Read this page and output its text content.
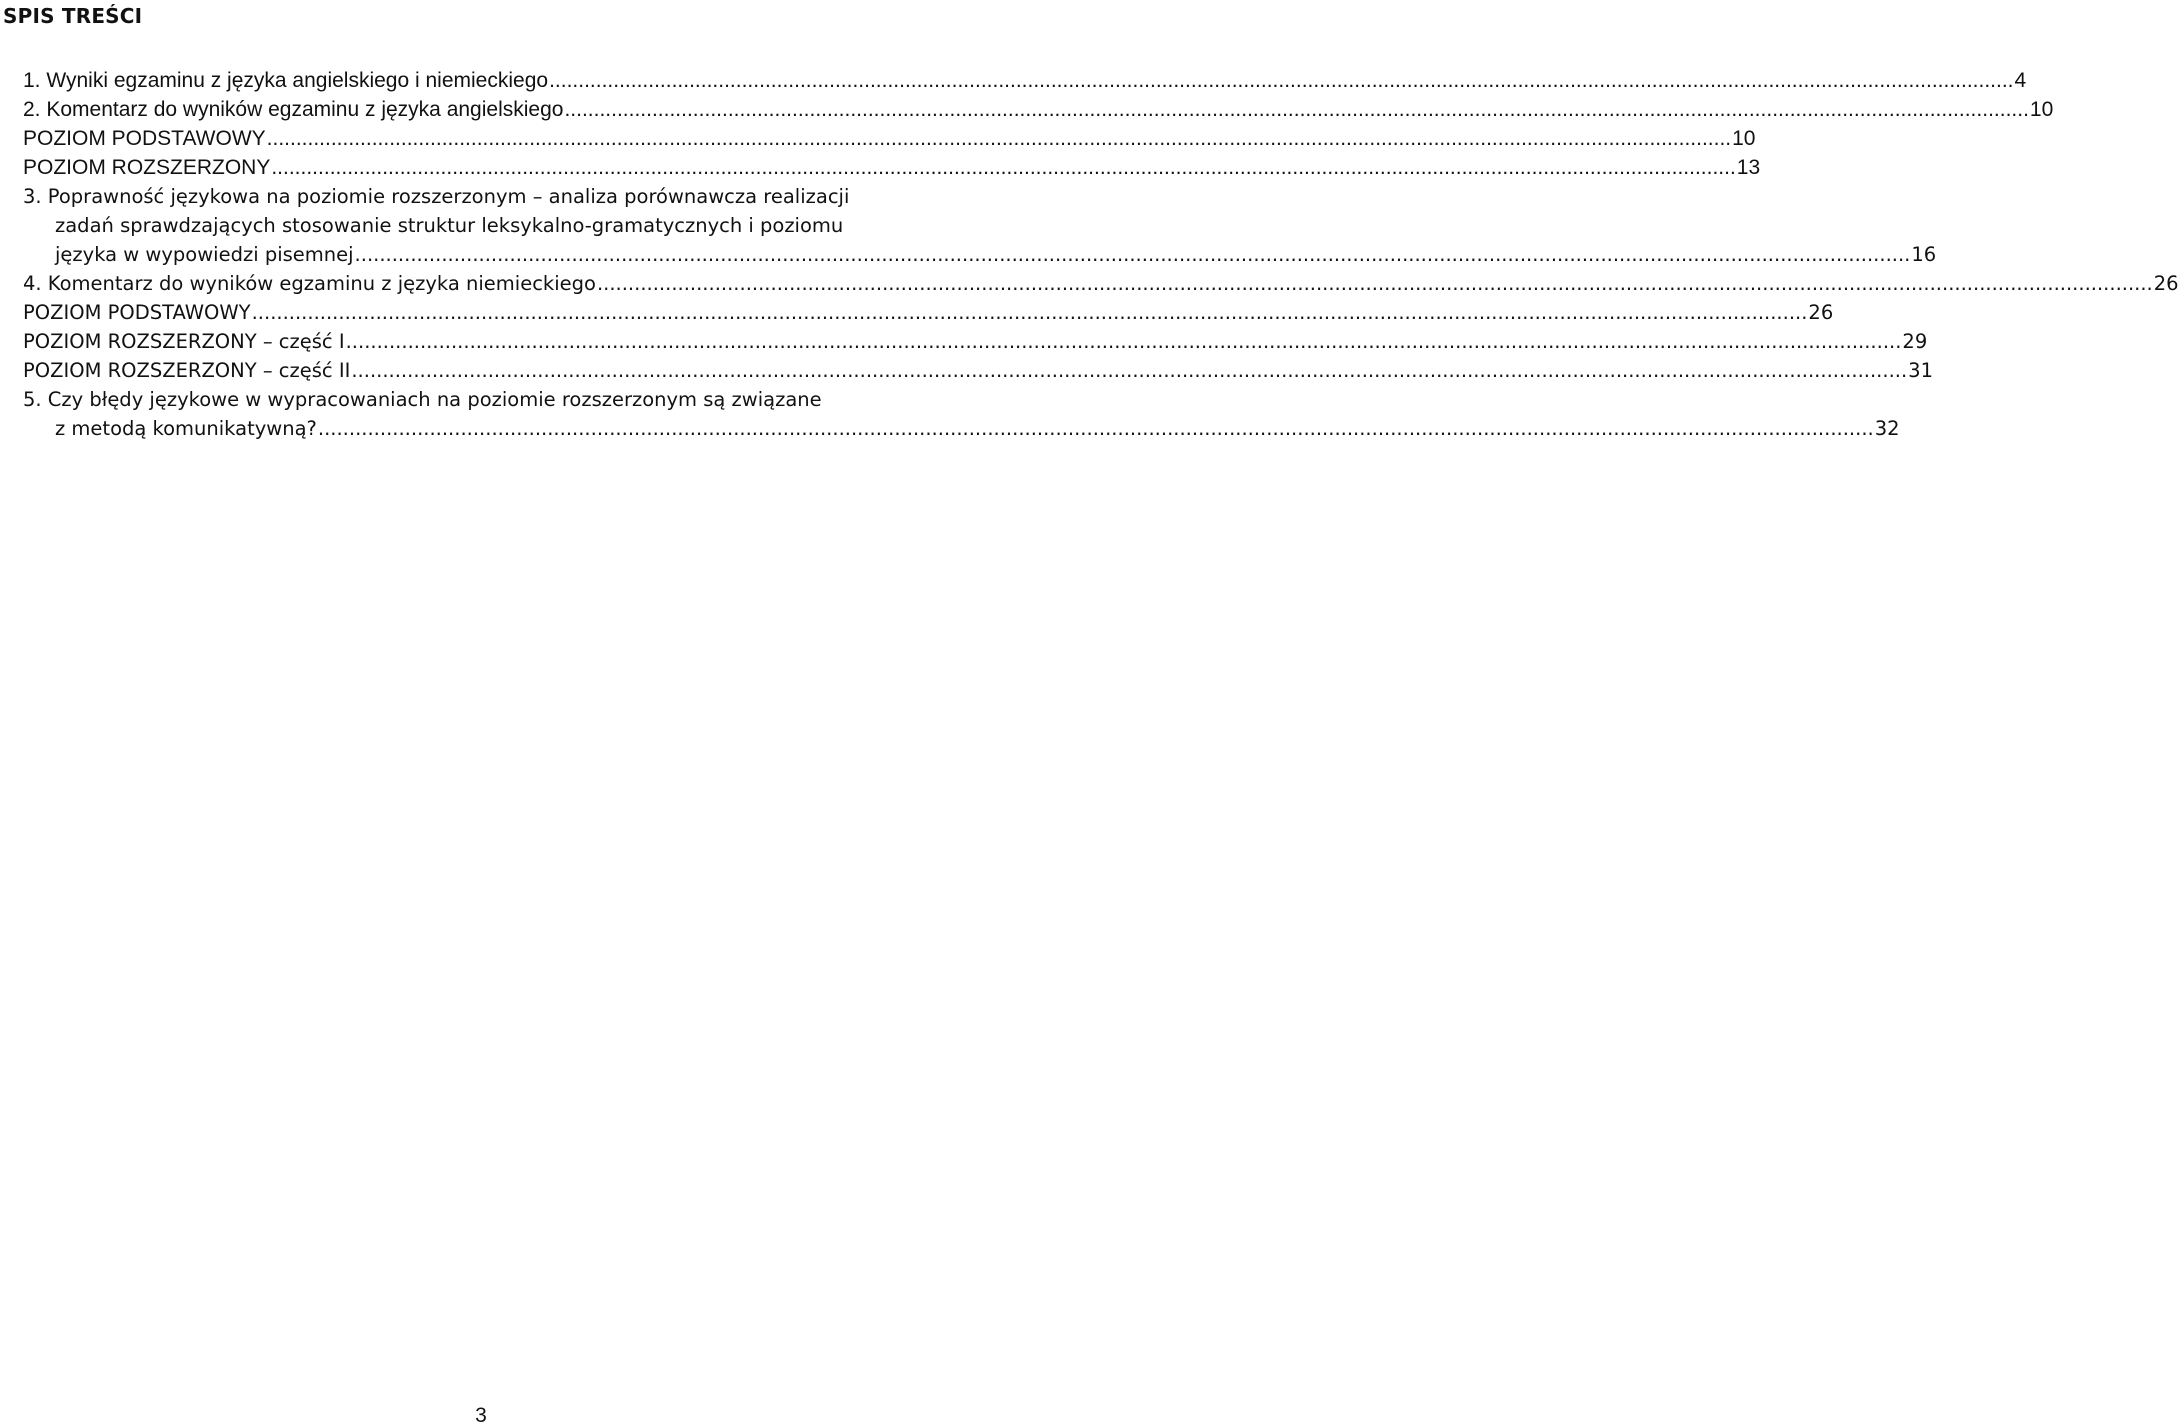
SPIS TREŚCI
1. Wyniki egzaminu z języka angielskiego i niemieckiego .....	4
2. Komentarz do wyników egzaminu z języka angielskiego .....	10
POZIOM PODSTAWOWY .....	10
POZIOM ROZSZERZONY .....	13
3. Poprawność językowa na poziomie rozszerzonym – analiza porównawcza realizacji
zadań sprawdzających stosowanie struktur leksykalno-gramatycznych i poziomu
języka w wypowiedzi pisemnej .....	16
4. Komentarz do wyników egzaminu z języka niemieckiego .....	26
POZIOM PODSTAWOWY .....	26
POZIOM ROZSZERZONY – część I .....	29
POZIOM ROZSZERZONY – część II .....	31
5. Czy błędy językowe w wypracowaniach na poziomie rozszerzonym są związane
z metodą komunikatywną? .....	32
3
